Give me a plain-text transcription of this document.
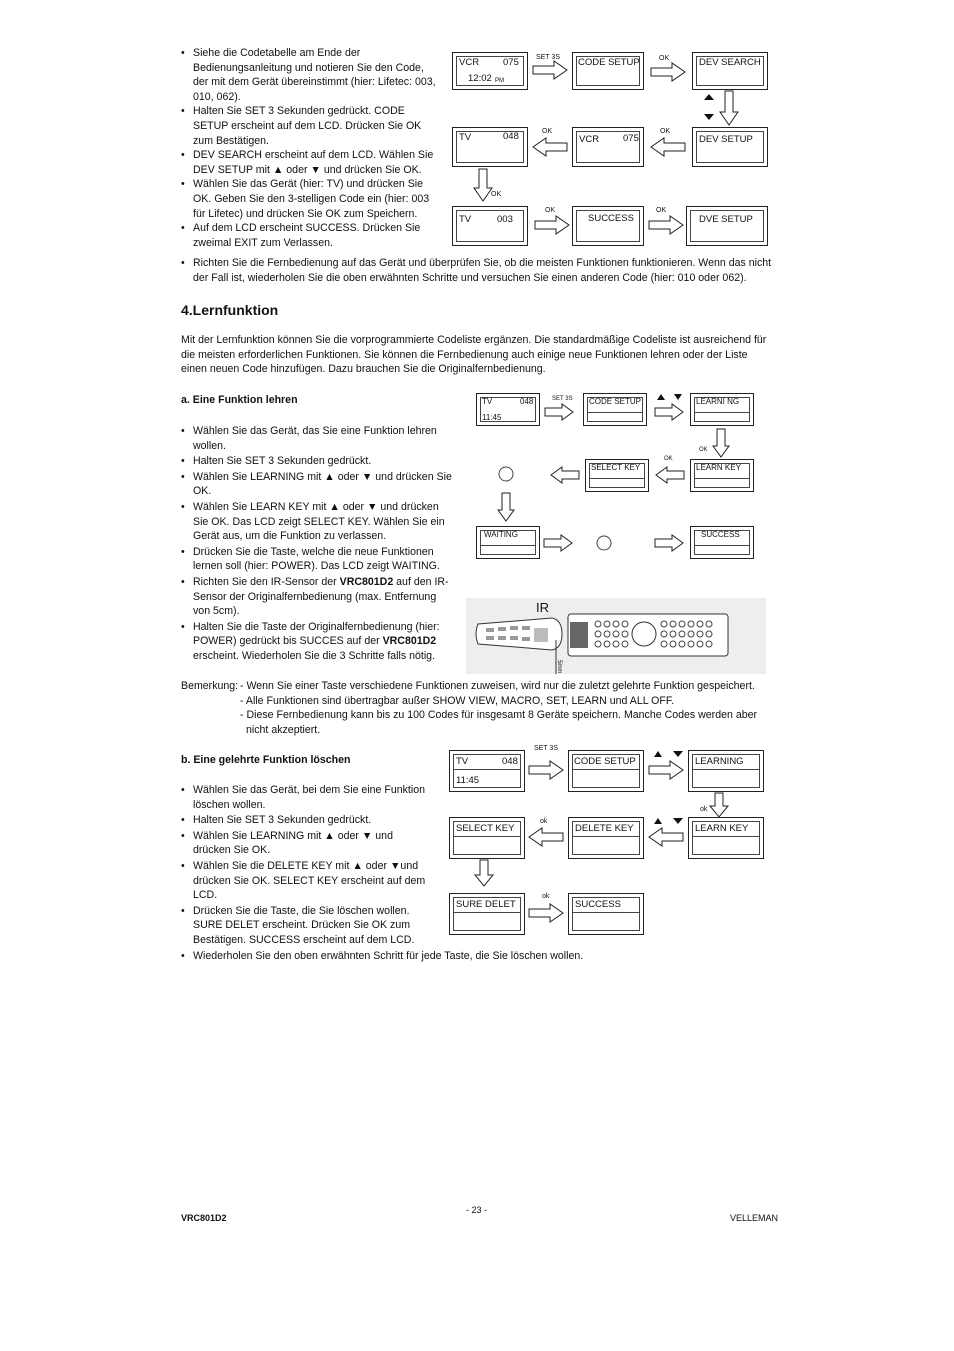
• Siehe die Codetabelle am Ende der Bedienungsanleitung und notieren Sie den Code, der mit dem Gerät übereinstimmt (hier: Lifetec: 003, 010, 062).
• Halten Sie SET 3 Sekunden gedrückt. CODE SETUP erscheint auf dem LCD. Drücken Sie OK zum Bestätigen.
• DEV SEARCH erscheint auf dem LCD. Wählen Sie DEV SETUP mit ▲ oder ▼ und drücken Sie OK.
• Wählen Sie das Gerät (hier: TV) und drücken Sie OK. Geben Sie den 3-stelligen Code ein (hier: 003 für Lifetec) und drücken Sie OK zum Speichern.
• Auf dem LCD erscheint SUCCESS. Drücken Sie zweimal EXIT zum Verlassen.
• Richten Sie die Fernbedienung auf das Gerät und überprüfen Sie, ob die meisten Funktionen funktionieren. Wenn das nicht der Fall ist, wiederholen Sie die oben erwähnten Schritte und versuchen Sie einen anderen Code (hier: 010 oder 062).
VCR	075
12:02 PM
SET 3S CODE SETUP	OK	DEV SEARCH
DEV SETUP
OK
VCR	075
OK
TV	048
OK
TV	003
OK
SUCCESS
OK
DVE SETUP
4.Lernfunktion

Mit der Lernfunktion können Sie die vorprogrammierte Codeliste ergänzen. Die standardmäßige Codeliste ist ausreichend für die meisten erforderlichen Funktionen. Sie können die Fernbedienung auch einige neue Funktionen lehren oder der Liste einen neuen Code hinzufügen. Dazu brauchen Sie die Originalfernbedienung.

a. Eine Funktion lehren
• Wählen Sie das Gerät, das Sie eine Funktion lehren wollen.
• Halten Sie SET 3 Sekunden gedrückt.
• Wählen Sie LEARNING mit ▲ oder ▼ und drücken Sie OK.
• Wählen Sie LEARN KEY mit ▲ oder ▼ und drücken Sie OK. Das LCD zeigt SELECT KEY. Wählen Sie ein Gerät aus, um die Funktion zu verlassen.
• Drücken Sie die Taste, welche die neue Funktionen lernen soll (hier: POWER). Das LCD zeigt WAITING.
• Richten Sie den IR-Sensor der VRC801D2 auf den IR-Sensor der Originalfernbedienung (max. Entfernung von 5cm).
• Halten Sie die Taste der Originalfernbedienung (hier: POWER) gedrückt bis SUCCES auf der VRC801D2 erscheint. Wiederholen Sie die 3 Schritte falls nötig.
TV	048
11:45
SET 3S CODE SETUP	LEARNI NG
OK
LEARN KEY
OK
SELECT KEY
WAITING	SUCCESS
IR
5mm
Bemerkung: - Wenn Sie einer Taste verschiedene Funktionen zuweisen, wird nur die zuletzt gelehrte Funktion gespeichert.
- Alle Funktionen sind übertragbar außer SHOW VIEW, MACRO, SET, LEARN und ALL OFF.
- Diese Fernbedienung kann bis zu 100 Codes für insgesamt 8 Geräte speichern. Manche Codes werden aber
nicht akzeptiert.
b. Eine gelehrte Funktion löschen
• Wählen Sie das Gerät, bei dem Sie eine Funktion löschen wollen.
• Halten Sie SET 3 Sekunden gedrückt.
• Wählen Sie LEARNING mit ▲ oder ▼ und drücken Sie OK.
• Wählen Sie die DELETE KEY mit ▲ oder ▼und drücken Sie OK. SELECT KEY erscheint auf dem LCD.
• Drücken Sie die Taste, die Sie löschen wollen. SURE DELET erscheint. Drücken Sie OK zum Bestätigen. SUCCESS erscheint auf dem LCD.
• Wiederholen Sie den oben erwähnten Schritt für jede Taste, die Sie löschen wollen.
SET 3S
TV	048
11:45
CODE SETUP	LEARNING
ok
LEARN KEY
DELETE KEY
ok
SELECT KEY
SURE DELET
ok
SUCCESS
- 23 -
VRC801D2	VELLEMAN
